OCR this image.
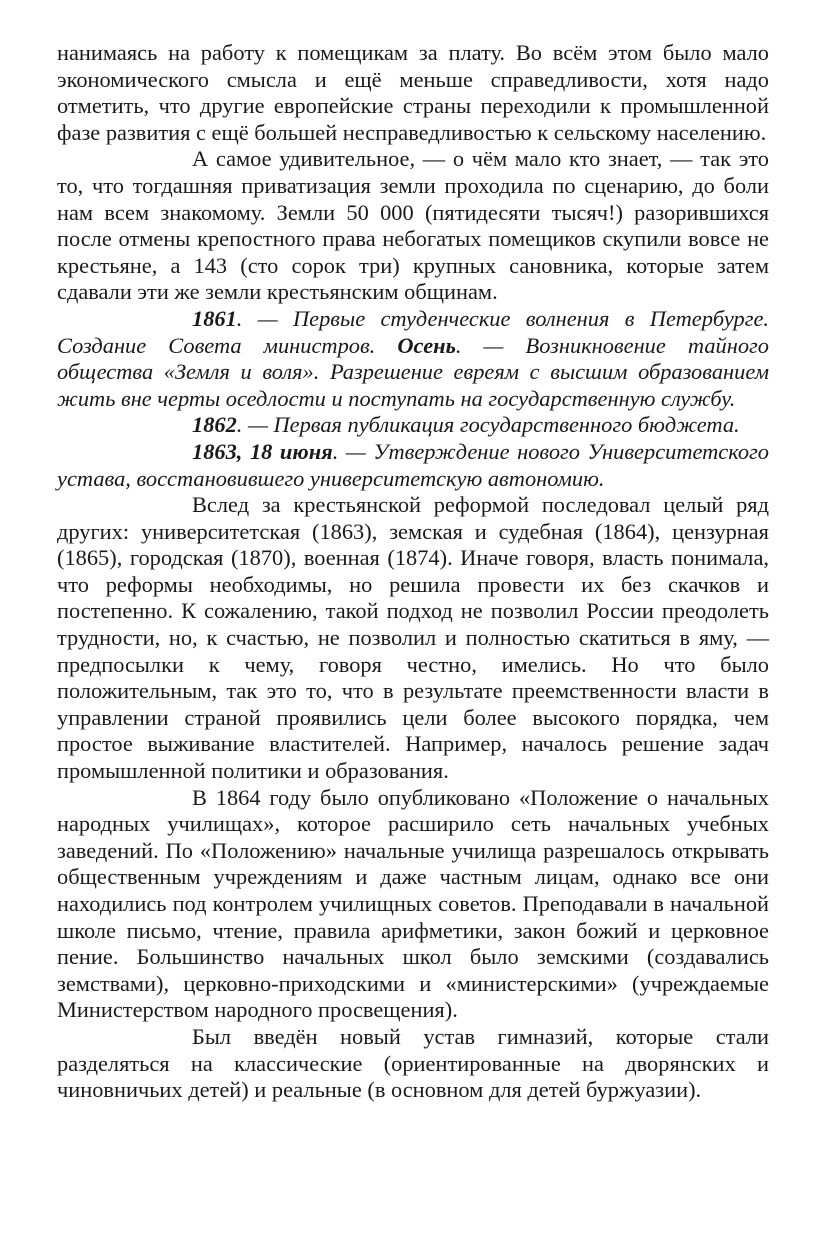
нанимаясь на работу к помещикам за плату. Во всём этом было мало экономического смысла и ещё меньше справедливости, хотя надо отметить, что другие европейские страны переходили к промышленной фазе развития с ещё большей несправедливостью к сельскому населению.

А самое удивительное, — о чём мало кто знает, — так это то, что тогдашняя приватизация земли проходила по сценарию, до боли нам всем знакомому. Земли 50 000 (пятидесяти тысяч!) разорившихся после отмены крепостного права небогатых помещиков скупили вовсе не крестьяне, а 143 (сто сорок три) крупных сановника, которые затем сдавали эти же земли крестьянским общинам.

1861. — Первые студенческие волнения в Петербурге. Создание Совета министров. Осень. — Возникновение тайного общества «Земля и воля». Разрешение евреям с высшим образованием жить вне черты оседлости и поступать на государственную службу.

1862. — Первая публикация государственного бюджета.

1863, 18 июня. — Утверждение нового Университетского устава, восстановившего университетскую автономию.

Вслед за крестьянской реформой последовал целый ряд других: университетская (1863), земская и судебная (1864), цензурная (1865), городская (1870), военная (1874). Иначе говоря, власть понимала, что реформы необходимы, но решила провести их без скачков и постепенно. К сожалению, такой подход не позволил России преодолеть трудности, но, к счастью, не позволил и полностью скатиться в яму, — предпосылки к чему, говоря честно, имелись. Но что было положительным, так это то, что в результате преемственности власти в управлении страной проявились цели более высокого порядка, чем простое выживание властителей. Например, началось решение задач промышленной политики и образования.

В 1864 году было опубликовано «Положение о начальных народных училищах», которое расширило сеть начальных учебных заведений. По «Положению» начальные училища разрешалось открывать общественным учреждениям и даже частным лицам, однако все они находились под контролем училищных советов. Преподавали в начальной школе письмо, чтение, правила арифметики, закон божий и церковное пение. Большинство начальных школ было земскими (создавались земствами), церковно-приходскими и «министерскими» (учреждаемые Министерством народного просвещения).

Был введён новый устав гимназий, которые стали разделяться на классические (ориентированные на дворянских и чиновничьих детей) и реальные (в основном для детей буржуазии).
